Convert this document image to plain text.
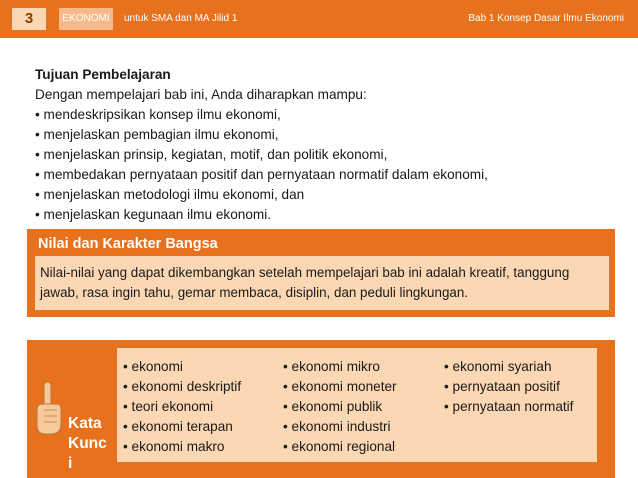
3	EKONOMI	untuk SMA dan MA Jilid 1	Bab 1 Konsep Dasar Ilmu Ekonomi
Tujuan Pembelajaran
Dengan mempelajari bab ini, Anda diharapkan mampu:
• mendeskripsikan konsep ilmu ekonomi,
• menjelaskan pembagian ilmu ekonomi,
• menjelaskan prinsip, kegiatan, motif, dan politik ekonomi,
• membedakan pernyataan positif dan pernyataan normatif dalam ekonomi,
• menjelaskan metodologi ilmu ekonomi, dan
• menjelaskan kegunaan ilmu ekonomi.
Nilai dan Karakter Bangsa
Nilai-nilai yang dapat dikembangkan setelah mempelajari bab ini adalah kreatif, tanggung jawab, rasa ingin tahu, gemar membaca, disiplin, dan peduli lingkungan.
Kata
Kunc
i
• ekonomi
• ekonomi deskriptif
• teori ekonomi
• ekonomi terapan
• ekonomi makro
• ekonomi mikro
• ekonomi moneter
• ekonomi publik
• ekonomi industri
• ekonomi regional
• ekonomi syariah
• pernyataan positif
• pernyataan normatif
